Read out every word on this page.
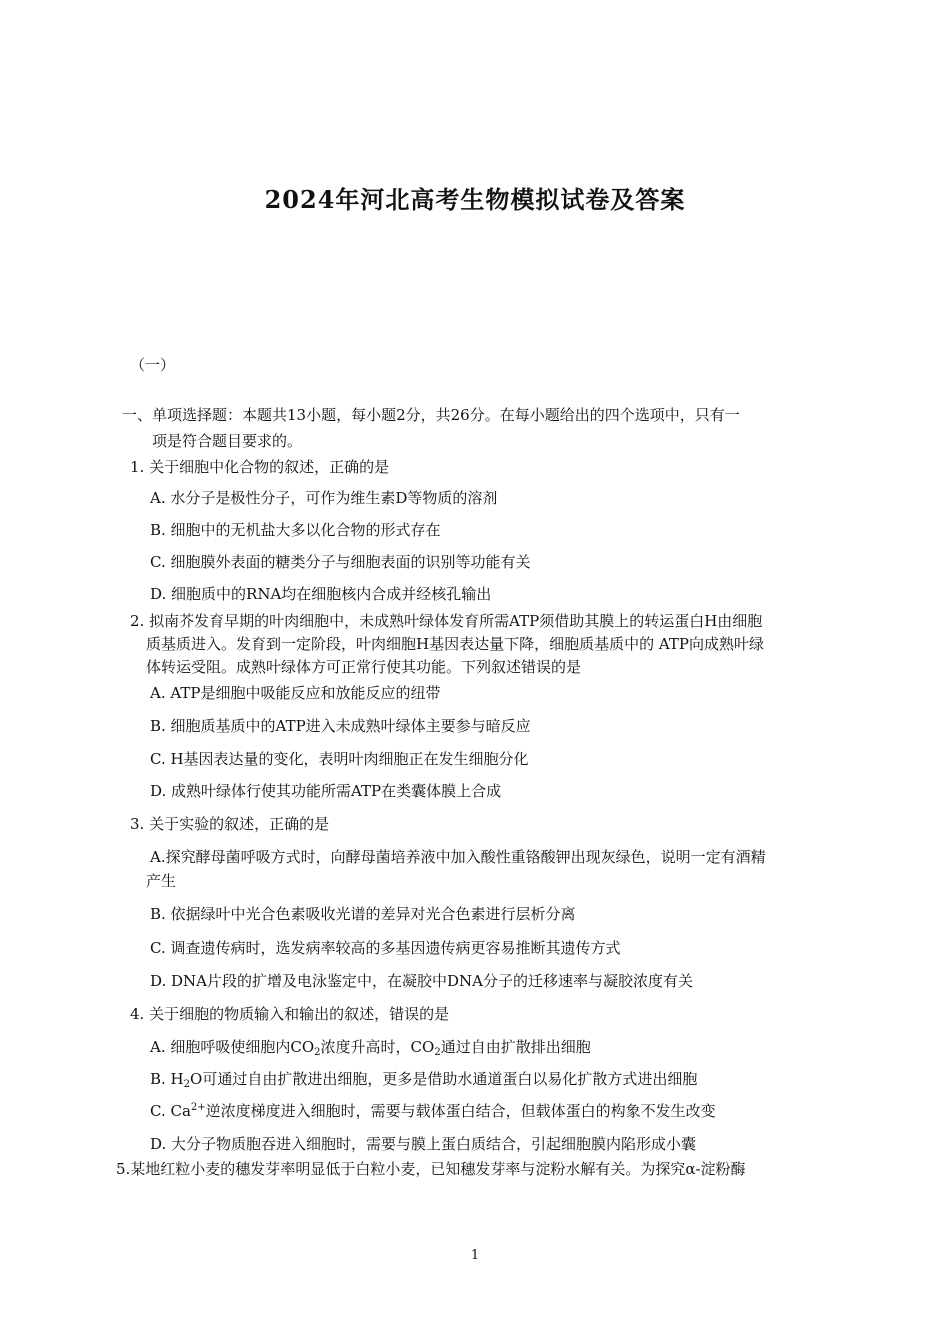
2024年河北高考生物模拟试卷及答案
（一）
一、单项选择题：本题共13小题，每小题2分，共26分。在每小题给出的四个选项中，只有一
项是符合题目要求的。
1. 关于细胞中化合物的叙述，正确的是
A. 水分子是极性分子，可作为维生素D等物质的溶剂
B. 细胞中的无机盐大多以化合物的形式存在
C. 细胞膜外表面的糖类分子与细胞表面的识别等功能有关
D. 细胞质中的RNA均在细胞核内合成并经核孔输出
2. 拟南芥发育早期的叶肉细胞中，未成熟叶绿体发育所需ATP须借助其膜上的转运蛋白H由细胞
质基质进入。发育到一定阶段，叶肉细胞H基因表达量下降，细胞质基质中的 ATP向成熟叶绿
体转运受阻。成熟叶绿体方可正常行使其功能。下列叙述错误的是
A. ATP是细胞中吸能反应和放能反应的纽带
B. 细胞质基质中的ATP进入未成熟叶绿体主要参与暗反应
C. H基因表达量的变化，表明叶肉细胞正在发生细胞分化
D. 成熟叶绿体行使其功能所需ATP在类囊体膜上合成
3. 关于实验的叙述，正确的是
A.探究酵母菌呼吸方式时，向酵母菌培养液中加入酸性重铬酸钾出现灰绿色，说明一定有酒精
产生
B. 依据绿叶中光合色素吸收光谱的差异对光合色素进行层析分离
C. 调查遗传病时，选发病率较高的多基因遗传病更容易推断其遗传方式
D. DNA片段的扩增及电泳鉴定中，在凝胶中DNA分子的迁移速率与凝胶浓度有关
4. 关于细胞的物质输入和输出的叙述，错误的是
A. 细胞呼吸使细胞内$CO_2$浓度升高时，$CO_2$通过自由扩散排出细胞
B. $H_2O$可通过自由扩散进出细胞，更多是借助水通道蛋白以易化扩散方式进出细胞
C. $Ca^{2+}$逆浓度梯度进入细胞时，需要与载体蛋白结合，但载体蛋白的构象不发生改变
D. 大分子物质胞吞进入细胞时，需要与膜上蛋白质结合，引起细胞膜内陷形成小囊
5.某地红粒小麦的穗发芽率明显低于白粒小麦，已知穗发芽率与淀粉水解有关。为探究α-淀粉酶
1
